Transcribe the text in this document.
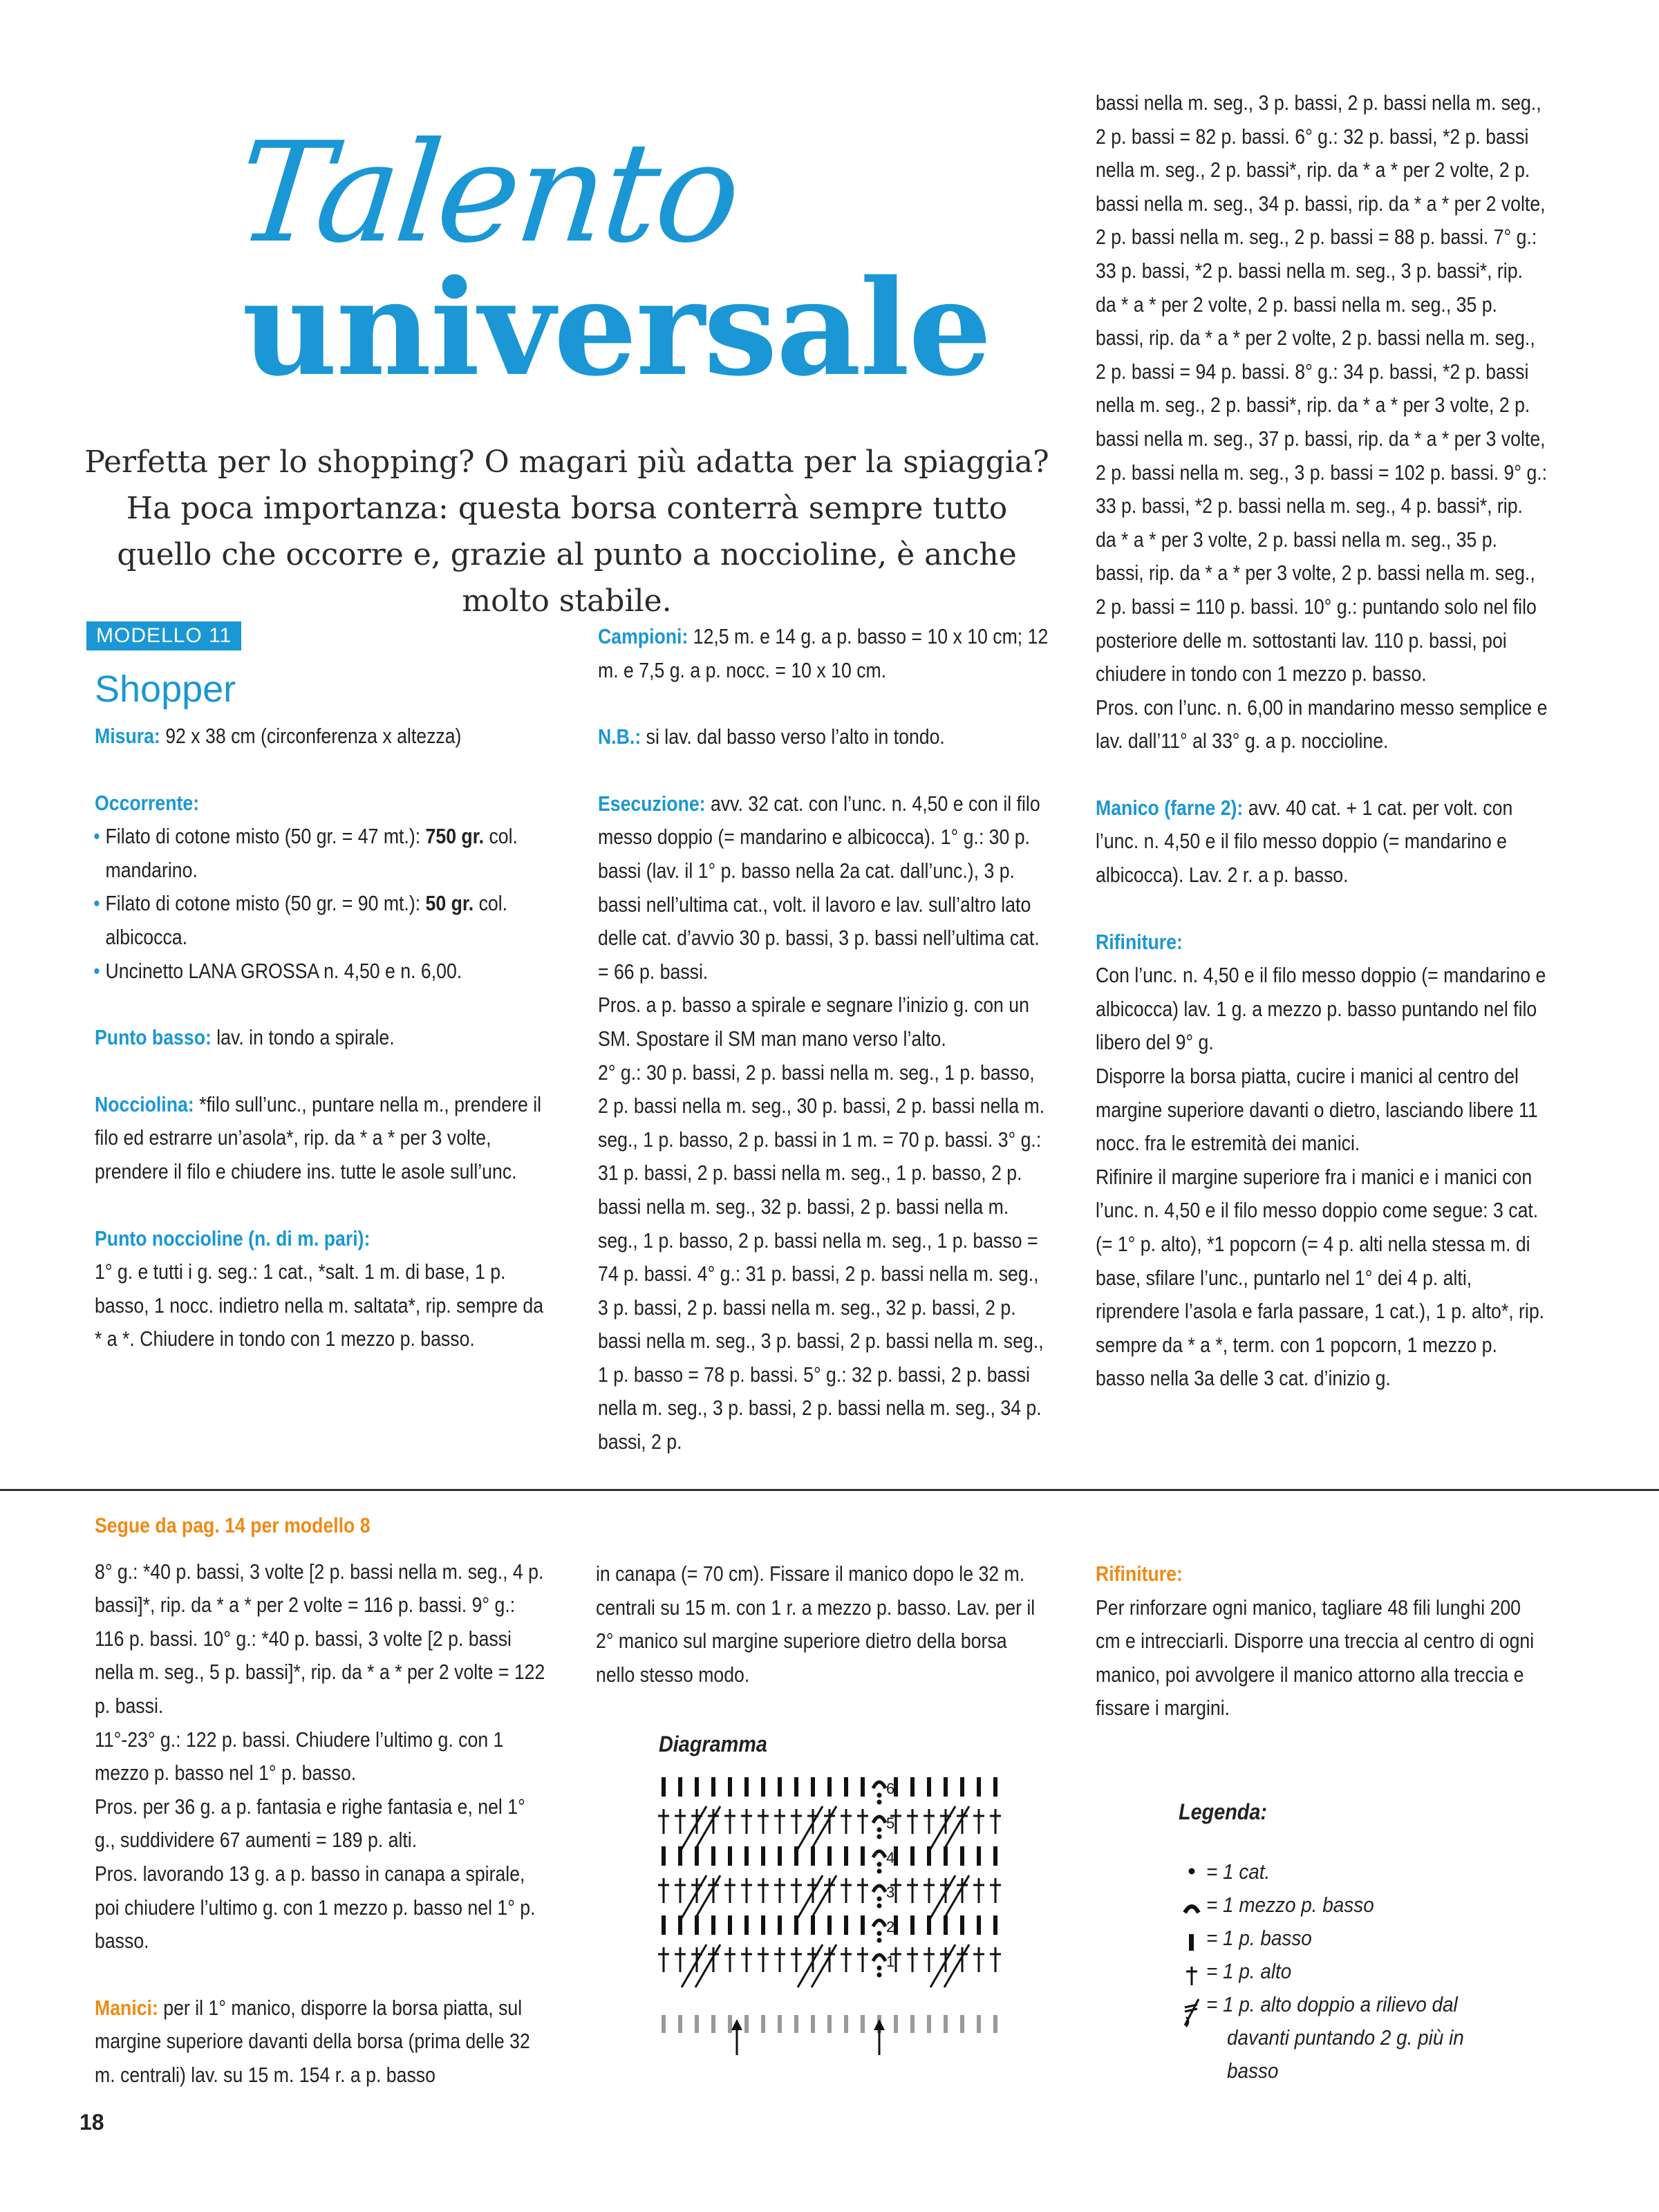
Talento
universale
Perfetta per lo shopping? O magari più adatta per la spiaggia? Ha poca importanza: questa borsa conterrà sempre tutto quello che occorre e, grazie al punto a noccioline, è anche molto stabile.
MODELLO 11
Shopper
Misura: 92 x 38 cm (circonferenza x altezza)

Occorrente:

• Filato di cotone misto (50 gr. = 47 mt.): 750 gr. col. mandarino.

• Filato di cotone misto (50 gr. = 90 mt.): 50 gr. col. albicocca.

• Uncinetto LANA GROSSA n. 4,50 e n. 6,00.

Punto basso: lav. in tondo a spirale.
Nocciolina: *filo sull’unc., puntare nella m., prendere il filo ed estrarre un’asola*, rip. da * a * per 3 volte, prendere il filo e chiudere ins. tutte le asole sull’unc.

Punto noccioline (n. di m. pari):

1° g. e tutti i g. seg.: 1 cat., *salt. 1 m. di base, 1 p. basso, 1 nocc. indietro nella m. saltata*, rip. sempre da * a *. Chiudere in tondo con 1 mezzo p. basso.

Campioni: 12,5 m. e 14 g. a p. basso = 10 x 10 cm; 12 m. e 7,5 g. a p. nocc. = 10 x 10 cm.
N.B.: si lav. dal basso verso l’alto in tondo.

Esecuzione: avv. 32 cat. con l’unc. n. 4,50 e con il filo messo doppio (= mandarino e albicocca). 1° g.: 30 p. bassi (lav. il 1° p. basso nella 2a cat. dall’unc.), 3 p. bassi nell’ultima cat., volt. il lavoro e lav. sull’altro lato delle cat. d’avvio 30 p. bassi, 3 p. bassi nell’ultima cat. = 66 p. bassi.

Pros. a p. basso a spirale e segnare l’inizio g. con un SM. Spostare il SM man mano verso l’alto.

2° g.: 30 p. bassi, 2 p. bassi nella m. seg., 1 p. basso, 2 p. bassi nella m. seg., 30 p. bassi, 2 p. bassi nella m. seg., 1 p. basso, 2 p. bassi in 1 m. = 70 p. bassi. 3° g.: 31 p. bassi, 2 p. bassi nella m. seg., 1 p. basso, 2 p. bassi nella m. seg., 32 p. bassi, 2 p. bassi nella m. seg., 1 p. basso, 2 p. bassi nella m. seg., 1 p. basso = 74 p. bassi. 4° g.: 31 p. bassi, 2 p. bassi nella m. seg., 3 p. bassi, 2 p. bassi nella m. seg., 32 p. bassi, 2 p. bassi nella m. seg., 3 p. bassi, 2 p. bassi nella m. seg., 1 p. basso = 78 p. bassi. 5° g.: 32 p. bassi, 2 p. bassi nella m. seg., 3 p. bassi, 2 p. bassi nella m. seg., 34 p. bassi, 2 p.

bassi nella m. seg., 3 p. bassi, 2 p. bassi nella m. seg., 2 p. bassi = 82 p. bassi. 6° g.: 32 p. bassi, *2 p. bassi nella m. seg., 2 p. bassi*, rip. da * a * per 2 volte, 2 p. bassi nella m. seg., 34 p. bassi, rip. da * a * per 2 volte, 2 p. bassi nella m. seg., 2 p. bassi = 88 p. bassi. 7° g.: 33 p. bassi, *2 p. bassi nella m. seg., 3 p. bassi*, rip. da * a * per 2 volte, 2 p. bassi nella m. seg., 35 p. bassi, rip. da * a * per 2 volte, 2 p. bassi nella m. seg., 2 p. bassi = 94 p. bassi. 8° g.: 34 p. bassi, *2 p. bassi nella m. seg., 2 p. bassi*, rip. da * a * per 3 volte, 2 p. bassi nella m. seg., 37 p. bassi, rip. da * a * per 3 volte, 2 p. bassi nella m. seg., 3 p. bassi = 102 p. bassi. 9° g.: 33 p. bassi, *2 p. bassi nella m. seg., 4 p. bassi*, rip. da * a * per 3 volte, 2 p. bassi nella m. seg., 35 p. bassi, rip. da * a * per 3 volte, 2 p. bassi nella m. seg., 2 p. bassi = 110 p. bassi. 10° g.: puntando solo nel filo posteriore delle m. sottostanti lav. 110 p. bassi, poi chiudere in tondo con 1 mezzo p. basso.

Pros. con l’unc. n. 6,00 in mandarino messo semplice e lav. dall’11° al 33° g. a p. noccioline.

Manico (farne 2): avv. 40 cat. + 1 cat. per volt. con l’unc. n. 4,50 e il filo messo doppio (= mandarino e albicocca). Lav. 2 r. a p. basso.

Rifiniture:

Con l’unc. n. 4,50 e il filo messo doppio (= mandarino e albicocca) lav. 1 g. a mezzo p. basso puntando nel filo libero del 9° g.

Disporre la borsa piatta, cucire i manici al centro del margine superiore davanti o dietro, lasciando libere 11 nocc. fra le estremità dei manici.

Rifinire il margine superiore fra i manici e i manici con l’unc. n. 4,50 e il filo messo doppio come segue: 3 cat. (= 1° p. alto), *1 popcorn (= 4 p. alti nella stessa m. di base, sfilare l’unc., puntarlo nel 1° dei 4 p. alti, riprendere l’asola e farla passare, 1 cat.), 1 p. alto*, rip. sempre da * a *, term. con 1 popcorn, 1 mezzo p. basso nella 3a delle 3 cat. d’inizio g.

Segue da pag. 14 per modello 8

8° g.: *40 p. bassi, 3 volte [2 p. bassi nella m. seg., 4 p. bassi]*, rip. da * a * per 2 volte = 116 p. bassi. 9° g.: 116 p. bassi. 10° g.: *40 p. bassi, 3 volte [2 p. bassi nella m. seg., 5 p. bassi]*, rip. da * a * per 2 volte = 122 p. bassi.

11°-23° g.: 122 p. bassi. Chiudere l’ultimo g. con 1 mezzo p. basso nel 1° p. basso.

Pros. per 36 g. a p. fantasia e righe fantasia e, nel 1° g., suddividere 67 aumenti = 189 p. alti.

Pros. lavorando 13 g. a p. basso in canapa a spirale, poi chiudere l’ultimo g. con 1 mezzo p. basso nel 1° p. basso.

Manici: per il 1° manico, disporre la borsa piatta, sul margine superiore davanti della borsa (prima delle 32 m. centrali) lav. su 15 m. 154 r. a p. basso

in canapa (= 70 cm). Fissare il manico dopo le 32 m. centrali su 15 m. con 1 r. a mezzo p. basso. Lav. per il 2° manico sul margine superiore dietro della borsa nello stesso modo.

Diagramma
6
5
4
3
2
1

Rifiniture:

Per rinforzare ogni manico, tagliare 48 fili lunghi 200 cm e intrecciarli. Disporre una treccia al centro di ogni manico, poi avvolgere il manico attorno alla treccia e fissare i margini.

Legenda:
= 1 cat.
= 1 mezzo p. basso
= 1 p. basso
= 1 p. alto
= 1 p. alto doppio a rilievo dal
davanti puntando 2 g. più in
basso
18
